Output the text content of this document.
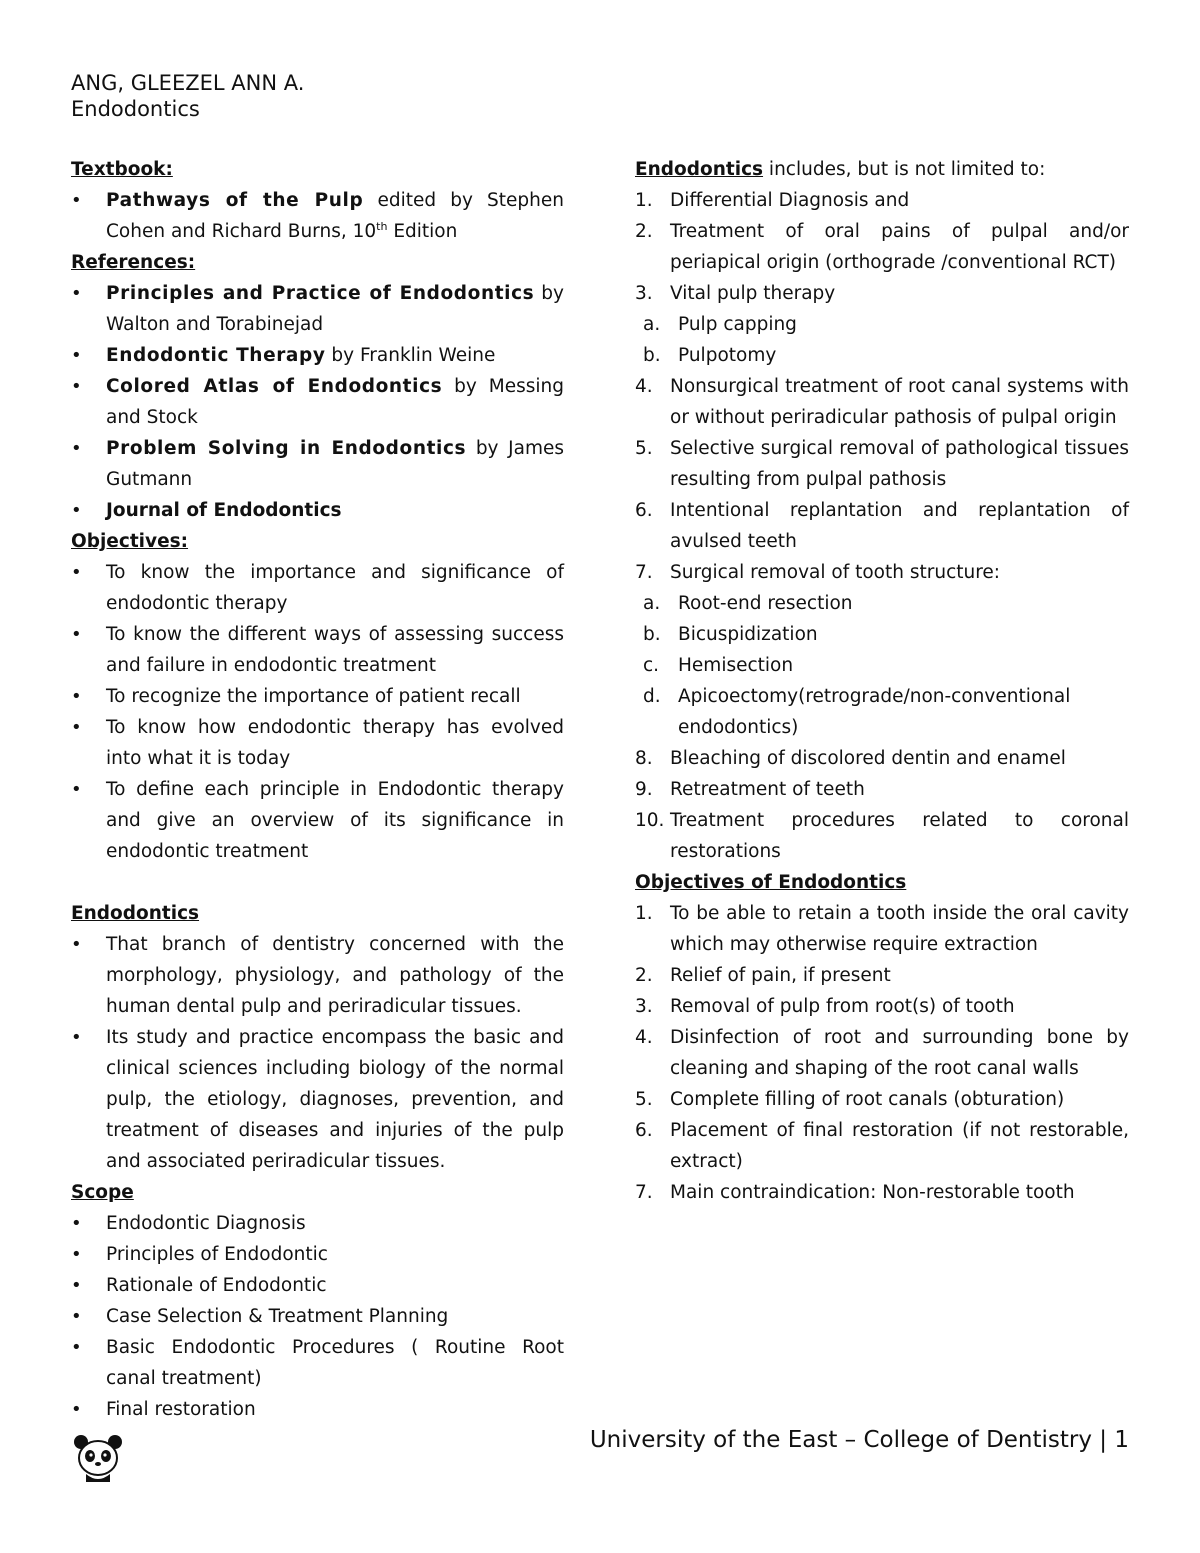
ANG, GLEEZEL ANN A.
Endodontics
Textbook:
• Pathways of the Pulp edited by Stephen Cohen and Richard Burns, 10th Edition
References:
• Principles and Practice of Endodontics by Walton and Torabinejad
• Endodontic Therapy by Franklin Weine
• Colored Atlas of Endodontics by Messing and Stock
• Problem Solving in Endodontics by James Gutmann
• Journal of Endodontics
Objectives:
• To know the importance and significance of endodontic therapy
• To know the different ways of assessing success and failure in endodontic treatment
• To recognize the importance of patient recall
• To know how endodontic therapy has evolved into what it is today
• To define each principle in Endodontic therapy and give an overview of its significance in endodontic treatment
Endodontics
• That branch of dentistry concerned with the morphology, physiology, and pathology of the human dental pulp and periradicular tissues.
• Its study and practice encompass the basic and clinical sciences including biology of the normal pulp, the etiology, diagnoses, prevention, and treatment of diseases and injuries of the pulp and associated periradicular tissues.
Scope
• Endodontic Diagnosis
• Principles of Endodontic
• Rationale of Endodontic
• Case Selection & Treatment Planning
• Basic Endodontic Procedures ( Routine Root canal treatment)
• Final restoration
Endodontics includes, but is not limited to:
1. Differential Diagnosis and
2. Treatment of oral pains of pulpal and/or periapical origin (orthograde /conventional RCT)
3. Vital pulp therapy
a. Pulp capping
b. Pulpotomy
4. Nonsurgical treatment of root canal systems with or without periradicular pathosis of pulpal origin
5. Selective surgical removal of pathological tissues resulting from pulpal pathosis
6. Intentional replantation and replantation of avulsed teeth
7. Surgical removal of tooth structure:
a. Root-end resection
b. Bicuspidization
c. Hemisection
d. Apicoectomy(retrograde/non-conventional endodontics)
8. Bleaching of discolored dentin and enamel
9. Retreatment of teeth
10. Treatment procedures related to coronal restorations
Objectives of Endodontics
1. To be able to retain a tooth inside the oral cavity which may otherwise require extraction
2. Relief of pain, if present
3. Removal of pulp from root(s) of tooth
4. Disinfection of root and surrounding bone by cleaning and shaping of the root canal walls
5. Complete filling of root canals (obturation)
6. Placement of final restoration (if not restorable, extract)
7. Main contraindication: Non-restorable tooth
University of the East – College of Dentistry | 1
